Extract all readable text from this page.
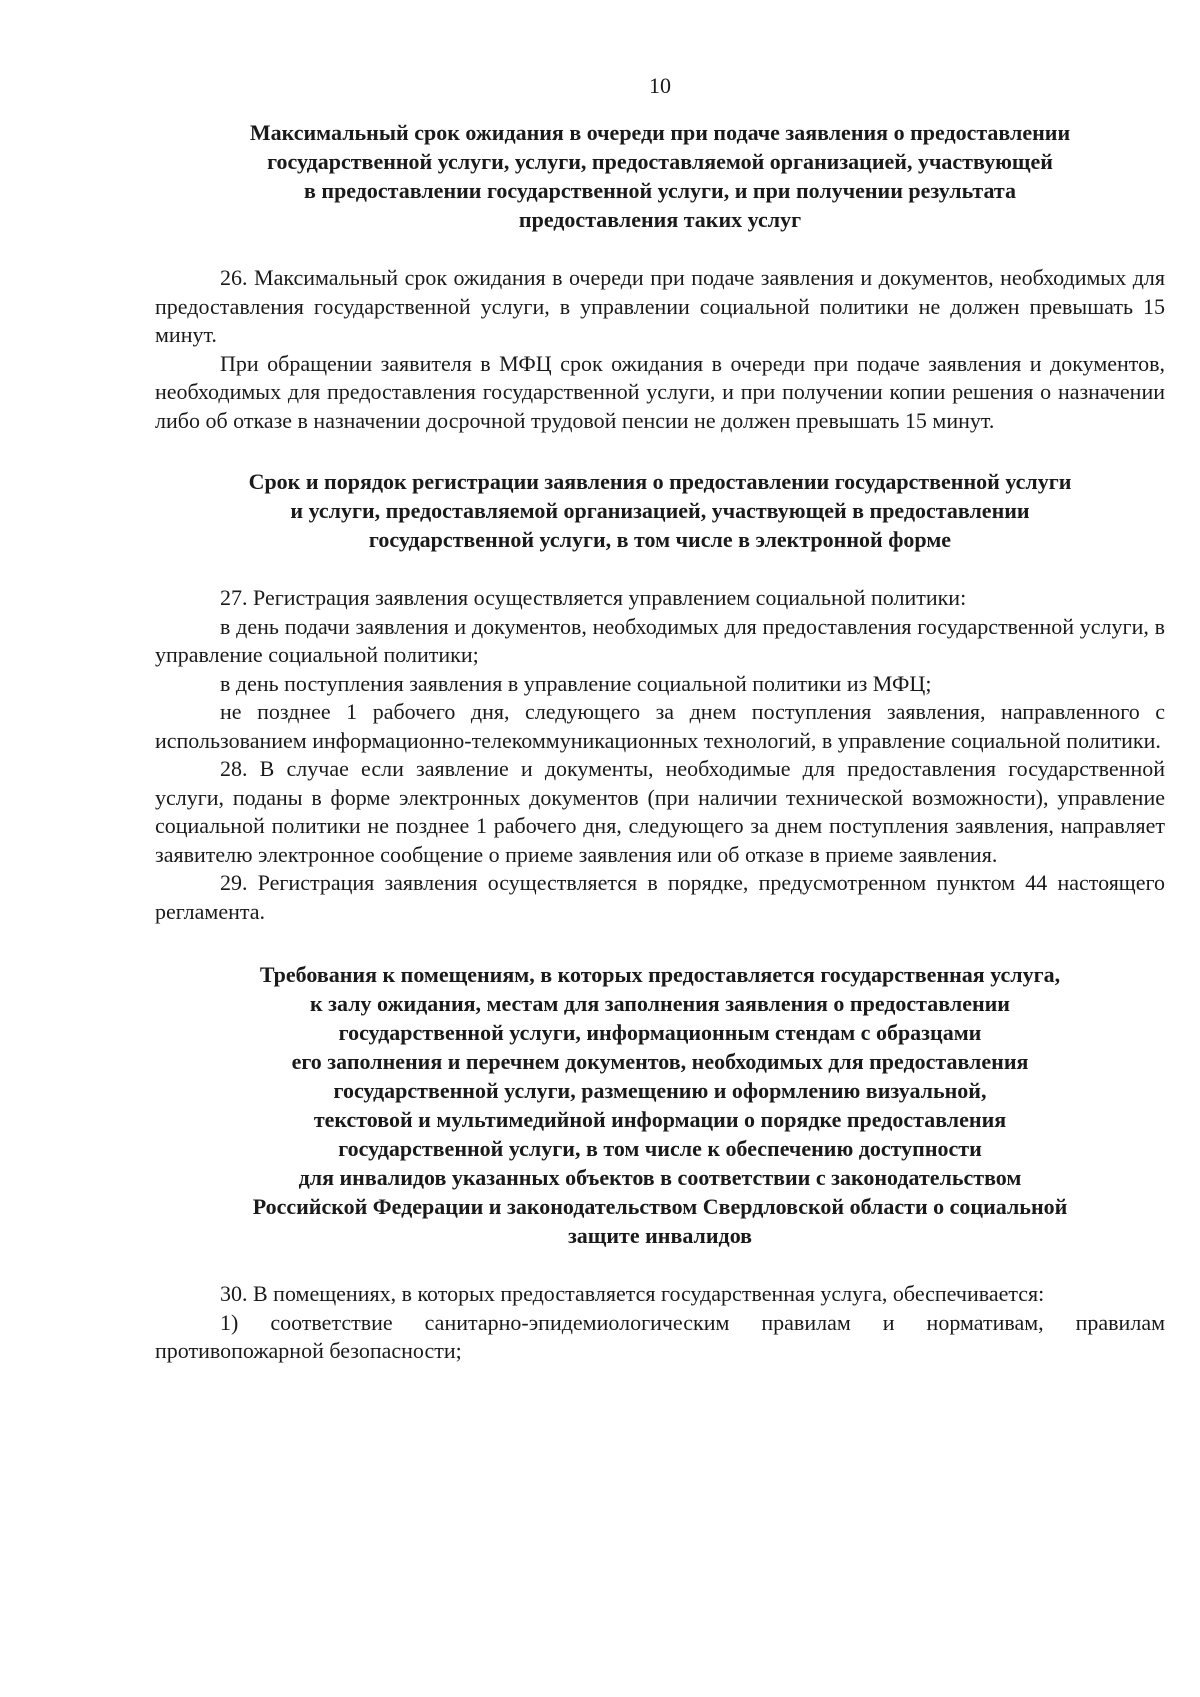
10
Максимальный срок ожидания в очереди при подаче заявления о предоставлении
государственной услуги, услуги, предоставляемой организацией, участвующей
в предоставлении государственной услуги, и при получении результата
предоставления таких услуг

26. Максимальный срок ожидания в очереди при подаче заявления и документов, необходимых для предоставления государственной услуги, в управлении социальной политики не должен превышать 15 минут.

При обращении заявителя в МФЦ срок ожидания в очереди при подаче заявления и документов, необходимых для предоставления государственной услуги, и при получении копии решения о назначении либо об отказе в назначении досрочной трудовой пенсии не должен превышать 15 минут.

Срок и порядок регистрации заявления о предоставлении государственной услуги
и услуги, предоставляемой организацией, участвующей в предоставлении
государственной услуги, в том числе в электронной форме

27. Регистрация заявления осуществляется управлением социальной политики:

в день подачи заявления и документов, необходимых для предоставления государственной услуги, в управление социальной политики;

в день поступления заявления в управление социальной политики из МФЦ;

не позднее 1 рабочего дня, следующего за днем поступления заявления, направленного с использованием информационно-телекоммуникационных технологий, в управление социальной политики.

28. В случае если заявление и документы, необходимые для предоставления государственной услуги, поданы в форме электронных документов (при наличии технической возможности), управление социальной политики не позднее 1 рабочего дня, следующего за днем поступления заявления, направляет заявителю электронное сообщение о приеме заявления или об отказе в приеме заявления.

29. Регистрация заявления осуществляется в порядке, предусмотренном пунктом 44 настоящего регламента.

Требования к помещениям, в которых предоставляется государственная услуга,
к залу ожидания, местам для заполнения заявления о предоставлении
государственной услуги, информационным стендам с образцами
его заполнения и перечнем документов, необходимых для предоставления
государственной услуги, размещению и оформлению визуальной,
текстовой и мультимедийной информации о порядке предоставления
государственной услуги, в том числе к обеспечению доступности
для инвалидов указанных объектов в соответствии с законодательством
Российской Федерации и законодательством Свердловской области о социальной
защите инвалидов

30. В помещениях, в которых предоставляется государственная услуга, обеспечивается:

1) соответствие санитарно-эпидемиологическим правилам и нормативам, правилам противопожарной безопасности;
